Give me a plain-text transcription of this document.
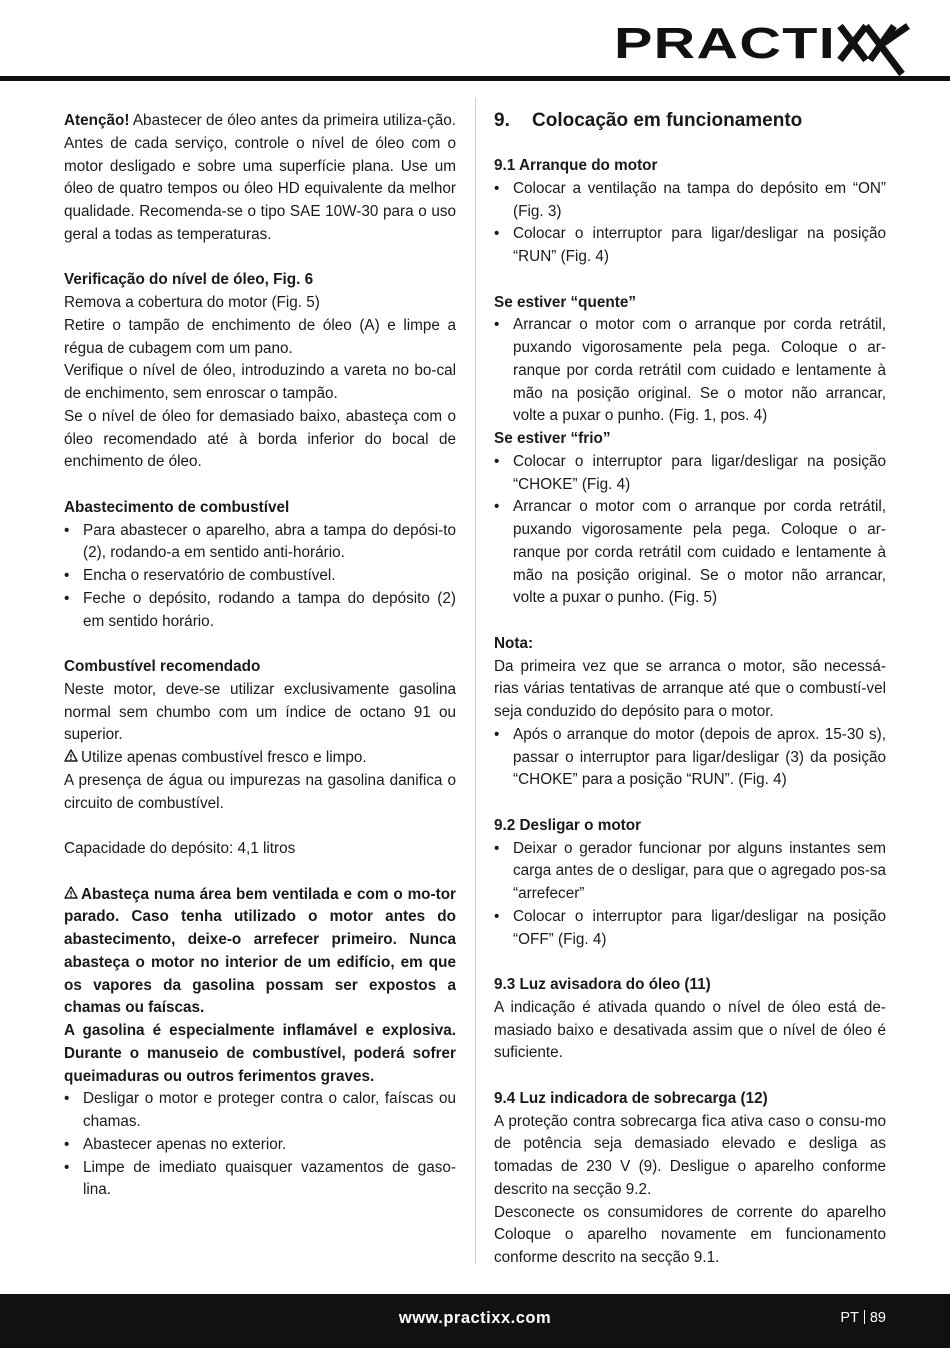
PRACTI

Atenção! Abastecer de óleo antes da primeira utiliza-ção.

Antes de cada serviço, controle o nível de óleo com o motor desligado e sobre uma superfície plana. Use um óleo de quatro tempos ou óleo HD equivalente da melhor qualidade. Recomenda-se o tipo SAE 10W-30 para o uso geral a todas as temperaturas.

Verificação do nível de óleo, Fig. 6

Remova a cobertura do motor (Fig. 5)

Retire o tampão de enchimento de óleo (A) e limpe a régua de cubagem com um pano.

Verifique o nível de óleo, introduzindo a vareta no bo-cal de enchimento, sem enroscar o tampão.

Se o nível de óleo for demasiado baixo, abasteça com o óleo recomendado até à borda inferior do bocal de enchimento de óleo.

Abastecimento de combustível

• Para abastecer o aparelho, abra a tampa do depósi-to (2), rodando-a em sentido anti-horário.
• Encha o reservatório de combustível.
• Feche o depósito, rodando a tampa do depósito (2) em sentido horário.

Combustível recomendado

Neste motor, deve-se utilizar exclusivamente gasolina normal sem chumbo com um índice de octano 91 ou superior.

Utilize apenas combustível fresco e limpo.

A presença de água ou impurezas na gasolina danifica o circuito de combustível.

Capacidade do depósito: 4,1 litros

Abasteça numa área bem ventilada e com o mo-tor parado. Caso tenha utilizado o motor antes do abastecimento, deixe-o arrefecer primeiro. Nunca abasteça o motor no interior de um edifício, em que os vapores da gasolina possam ser expostos a chamas ou faíscas.

A gasolina é especialmente inflamável e explosiva. Durante o manuseio de combustível, poderá sofrer queimaduras ou outros ferimentos graves.

• Desligar o motor e proteger contra o calor, faíscas ou chamas.
• Abastecer apenas no exterior.
• Limpe de imediato quaisquer vazamentos de gaso-lina.
9.	Colocação em funcionamento

9.1 Arranque do motor

• Colocar a ventilação na tampa do depósito em “ON” (Fig. 3)
• Colocar o interruptor para ligar/desligar na posição “RUN” (Fig. 4)

Se estiver “quente”

• Arrancar o motor com o arranque por corda retrátil, puxando vigorosamente pela pega. Coloque o ar-ranque por corda retrátil com cuidado e lentamente à mão na posição original. Se o motor não arrancar, volte a puxar o punho. (Fig. 1, pos. 4)

Se estiver “frio”

• Colocar o interruptor para ligar/desligar na posição “CHOKE” (Fig. 4)
• Arrancar o motor com o arranque por corda retrátil, puxando vigorosamente pela pega. Coloque o ar-ranque por corda retrátil com cuidado e lentamente à mão na posição original. Se o motor não arrancar, volte a puxar o punho. (Fig. 5)

Nota:

Da primeira vez que se arranca o motor, são necessá-rias várias tentativas de arranque até que o combustí-vel seja conduzido do depósito para o motor.

• Após o arranque do motor (depois de aprox. 15-30 s), passar o interruptor para ligar/desligar (3) da posição “CHOKE” para a posição “RUN”. (Fig. 4)

9.2 Desligar o motor

• Deixar o gerador funcionar por alguns instantes sem carga antes de o desligar, para que o agregado pos-sa “arrefecer”
• Colocar o interruptor para ligar/desligar na posição “OFF” (Fig. 4)

9.3 Luz avisadora do óleo (11)

A indicação é ativada quando o nível de óleo está de-masiado baixo e desativada assim que o nível de óleo é suficiente.

9.4 Luz indicadora de sobrecarga (12)

A proteção contra sobrecarga fica ativa caso o consu-mo de potência seja demasiado elevado e desliga as tomadas de 230 V (9). Desligue o aparelho conforme descrito na secção 9.2.

Desconecte os consumidores de corrente do aparelho Coloque o aparelho novamente em funcionamento conforme descrito na secção 9.1.

www.practixx.com	PT 89
